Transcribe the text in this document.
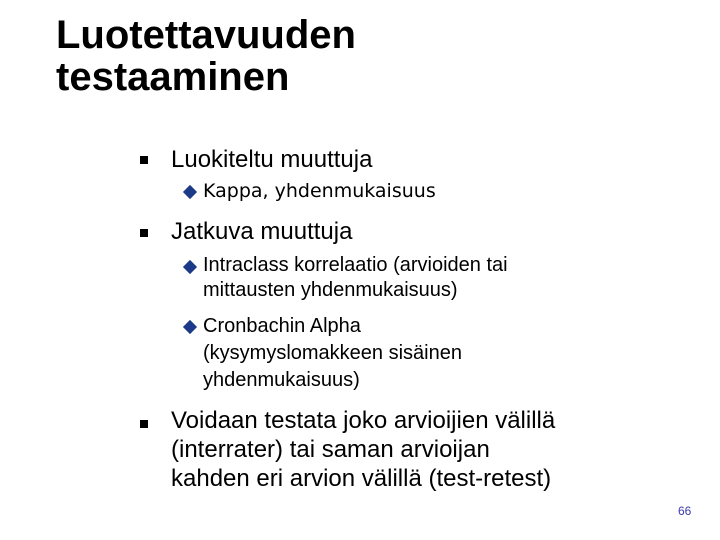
Luotettavuuden
testaaminen
Luokiteltu muuttuja
Kappa, yhdenmukaisuus
Jatkuva muuttuja
Intraclass korrelaatio (arvioiden tai
mittausten yhdenmukaisuus)
Cronbachin Alpha
(kysymyslomakkeen sisäinen
yhdenmukaisuus)
Voidaan testata joko arvioijien välillä
(interrater) tai saman arvioijan
kahden eri arvion välillä (test-retest)
66
